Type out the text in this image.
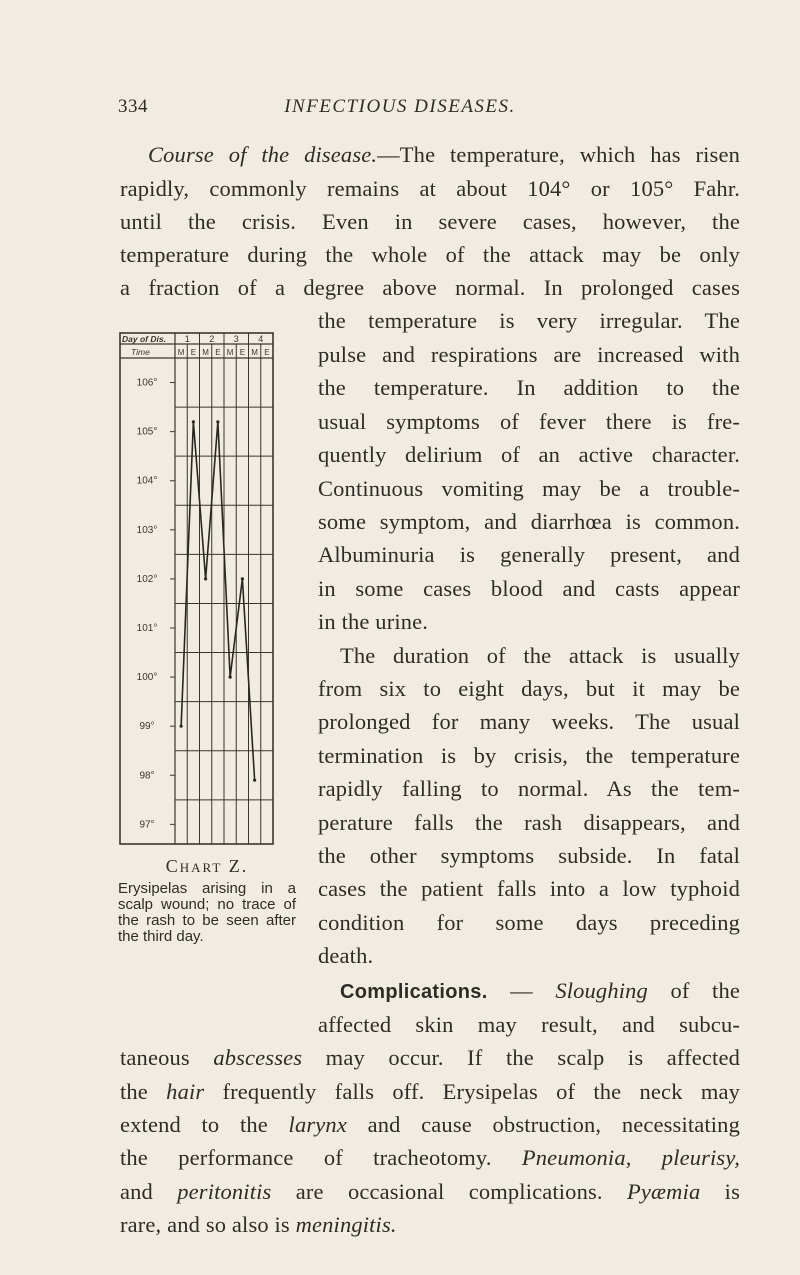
334	INFECTIOUS DISEASES.
Course of the disease.—The temperature, which has risen
rapidly, commonly remains at about 104° or 105° Fahr.
until the crisis. Even in severe cases, however, the
temperature during the whole of the attack may be only
a fraction of a degree above normal. In prolonged cases
the temperature is very irregular. The
pulse and respirations are increased with
the temperature. In addition to the
usual symptoms of fever there is fre-
quently delirium of an active character.
Continuous vomiting may be a trouble-
some symptom, and diarrhœa is common.
Albuminuria is generally present, and
in some cases blood and casts appear
in the urine.
The duration of the attack is usually
from six to eight days, but it may be
prolonged for many weeks. The usual
termination is by crisis, the temperature
rapidly falling to normal. As the tem-
perature falls the rash disappears, and
the other symptoms subside. In fatal
cases the patient falls into a low typhoid
condition for some days preceding
death.
Complications. — Sloughing of the
affected skin may result, and subcu-
taneous abscesses may occur. If the scalp is affected
the hair frequently falls off. Erysipelas of the neck may
extend to the larynx and cause obstruction, necessitating
the performance of tracheotomy. Pneumonia, pleurisy,
and peritonitis are occasional complications. Pyæmia is
rare, and so also is meningitis.
Day of Dis.
Time
1 2 3 4
M E M E M E M E
106°
105°
104°
103°
102°
101°
100°
99°
98°
97°
Chart Z.
Erysipelas arising in a scalp wound; no trace of the rash to be seen after the third day.
